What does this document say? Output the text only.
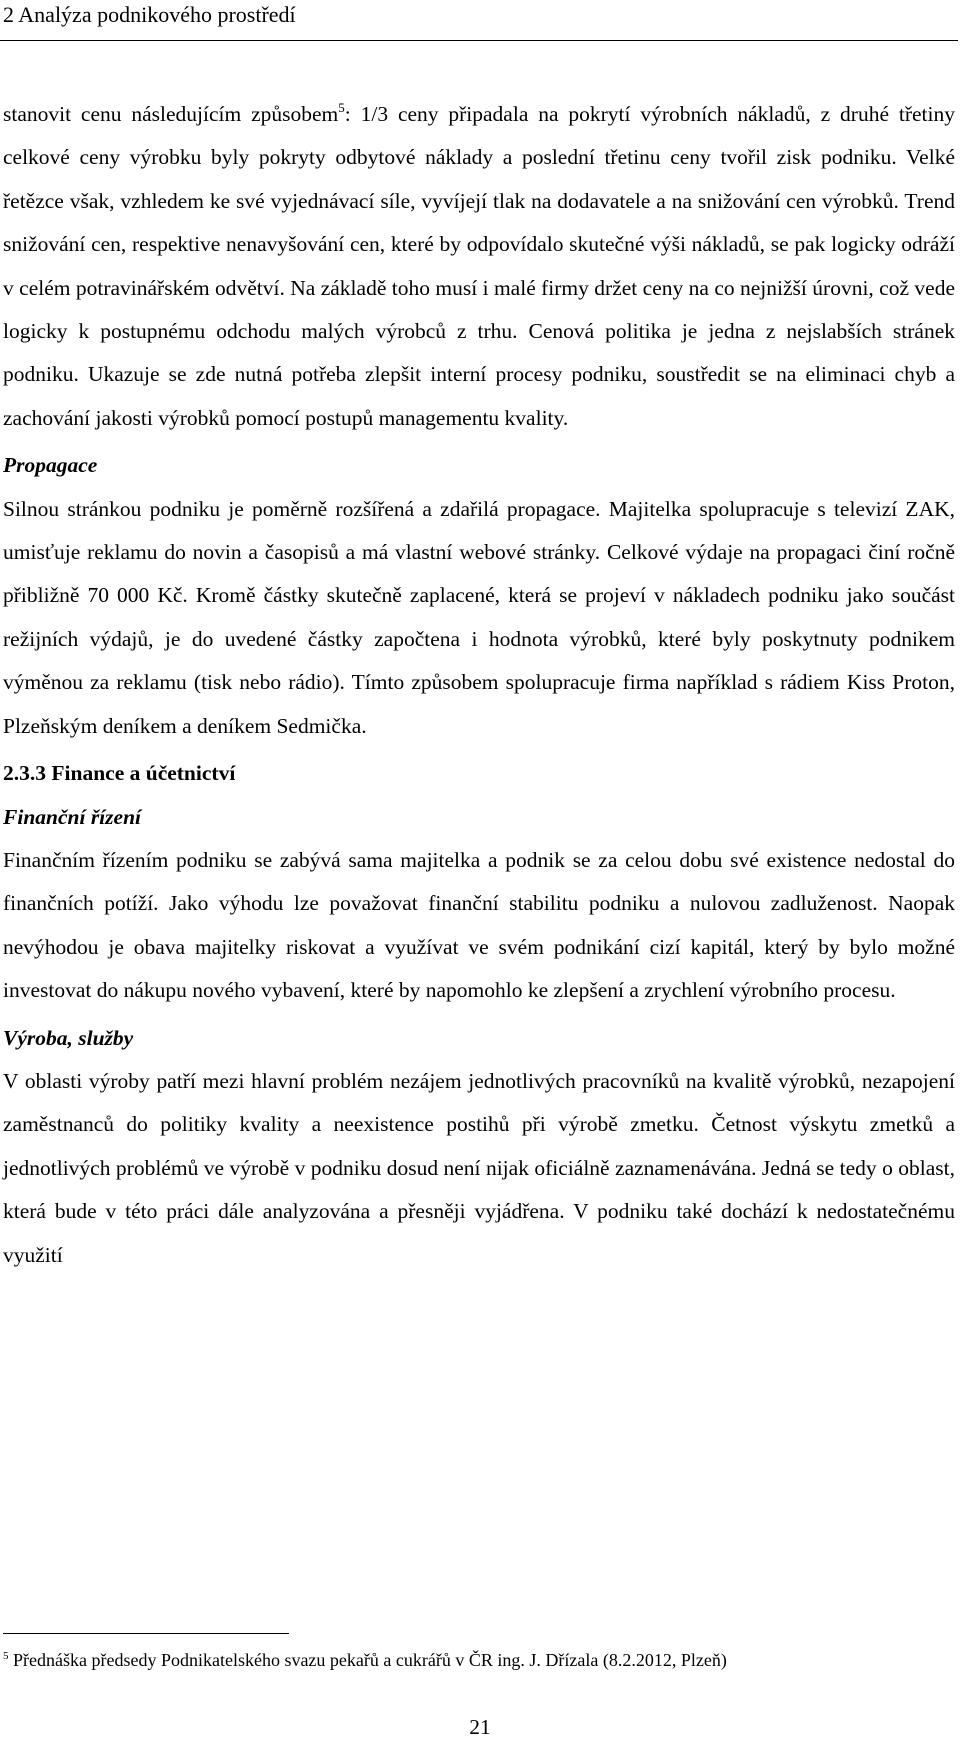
2 Analýza podnikového prostředí

stanovit cenu následujícím způsobem$^5$: 1/3 ceny připadala na pokrytí výrobních nákladů, z druhé třetiny celkové ceny výrobku byly pokryty odbytové náklady a poslední třetinu ceny tvořil zisk podniku. Velké řetězce však, vzhledem ke své vyjednávací síle, vyvíjejí tlak na dodavatele a na snižování cen výrobků. Trend snižování cen, respektive nenavyšování cen, které by odpovídalo skutečné výši nákladů, se pak logicky odráží v celém potravinářském odvětví. Na základě toho musí i malé firmy držet ceny na co nejnižší úrovni, což vede logicky k postupnému odchodu malých výrobců z trhu. Cenová politika je jedna z nejslabších stránek podniku. Ukazuje se zde nutná potřeba zlepšit interní procesy podniku, soustředit se na eliminaci chyb a zachování jakosti výrobků pomocí postupů managementu kvality.

Propagace

Silnou stránkou podniku je poměrně rozšířená a zdařilá propagace. Majitelka spolupracuje s televizí ZAK, umisťuje reklamu do novin a časopisů a má vlastní webové stránky. Celkové výdaje na propagaci činí ročně přibližně 70 000 Kč. Kromě částky skutečně zaplacené, která se projeví v nákladech podniku jako součást režijních výdajů, je do uvedené částky započtena i hodnota výrobků, které byly poskytnuty podnikem výměnou za reklamu (tisk nebo rádio). Tímto způsobem spolupracuje firma například s rádiem Kiss Proton, Plzeňským deníkem a deníkem Sedmička.

2.3.3 Finance a účetnictví
Finanční řízení

Finančním řízením podniku se zabývá sama majitelka a podnik se za celou dobu své existence nedostal do finančních potíží. Jako výhodu lze považovat finanční stabilitu podniku a nulovou zadluženost. Naopak nevýhodou je obava majitelky riskovat a využívat ve svém podnikání cizí kapitál, který by bylo možné investovat do nákupu nového vybavení, které by napomohlo ke zlepšení a zrychlení výrobního procesu.

Výroba, služby

V oblasti výroby patří mezi hlavní problém nezájem jednotlivých pracovníků na kvalitě výrobků, nezapojení zaměstnanců do politiky kvality a neexistence postihů při výrobě zmetku. Četnost výskytu zmetků a jednotlivých problémů ve výrobě v podniku dosud není nijak oficiálně zaznamenávána. Jedná se tedy o oblast, která bude v této práci dále analyzována a přesněji vyjádřena. V podniku také dochází k nedostatečnému využití

$^5$ Přednáška předsedy Podnikatelského svazu pekařů a cukrářů v ČR ing. J. Dřízala (8.2.2012, Plzeň)
21
